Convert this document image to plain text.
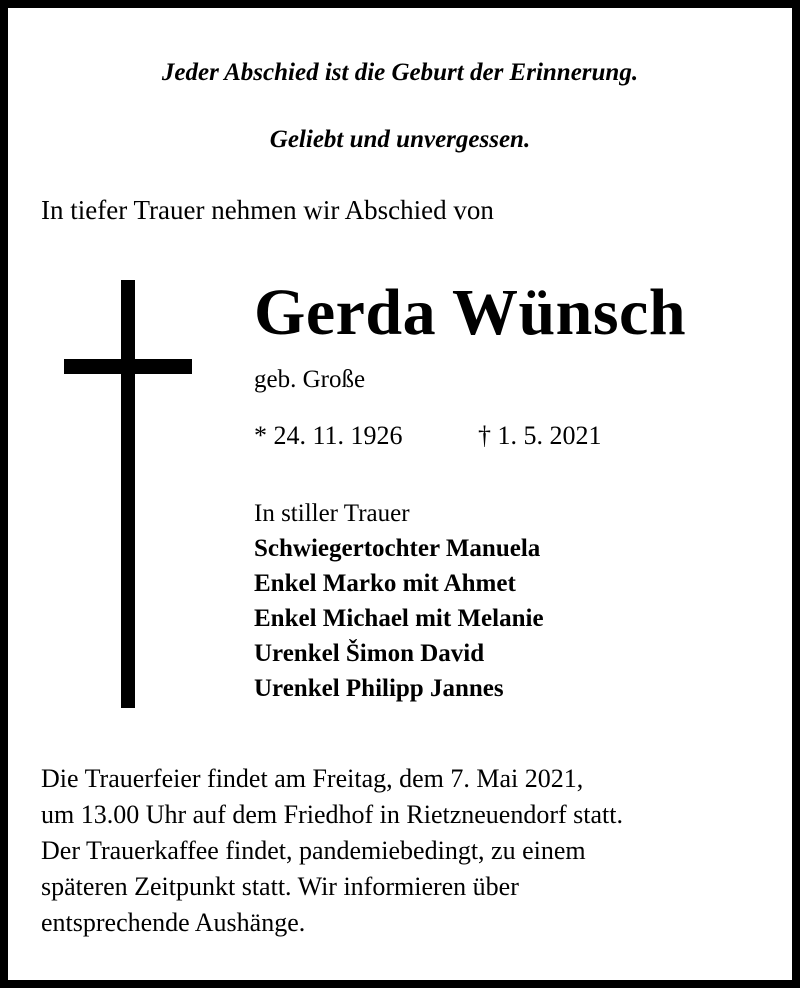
Jeder Abschied ist die Geburt der Erinnerung.
Geliebt und unvergessen.
In tiefer Trauer nehmen wir Abschied von
Gerda Wünsch
geb. Große
* 24. 11. 1926	† 1. 5. 2021
In stiller Trauer
Schwiegertochter Manuela
Enkel Marko mit Ahmet
Enkel Michael mit Melanie
Urenkel Šimon David
Urenkel Philipp Jannes
Die Trauerfeier findet am Freitag, dem 7. Mai 2021,
um 13.00 Uhr auf dem Friedhof in Rietzneuendorf statt.
Der Trauerkaffee findet, pandemiebedingt, zu einem
späteren Zeitpunkt statt. Wir informieren über
entsprechende Aushänge.
